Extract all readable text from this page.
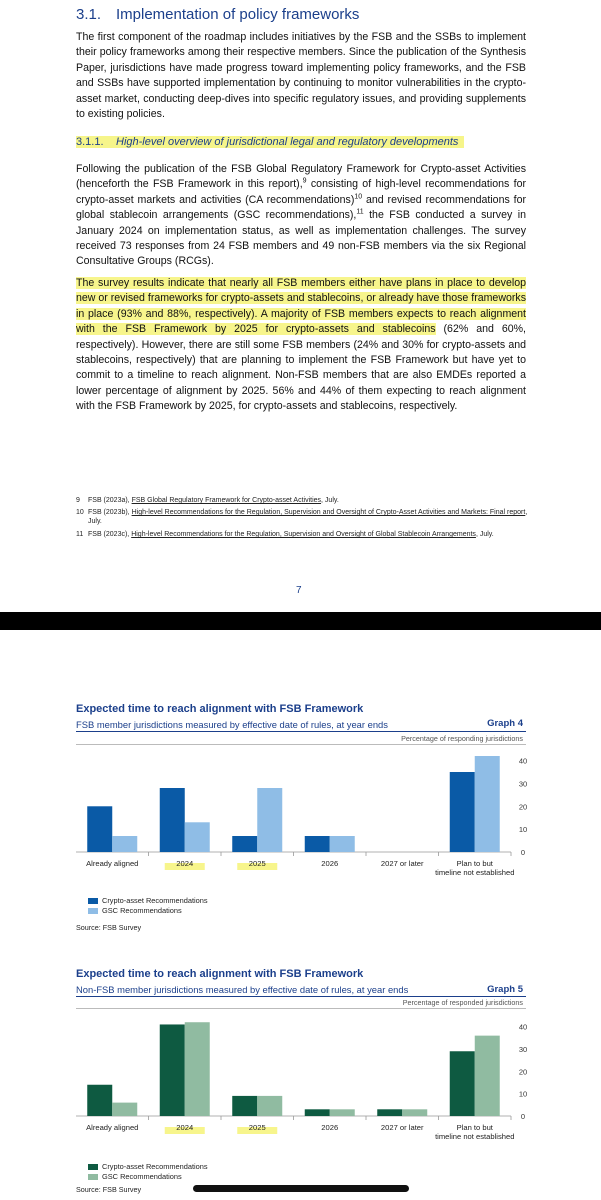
3.1. Implementation of policy frameworks
The first component of the roadmap includes initiatives by the FSB and the SSBs to implement their policy frameworks among their respective members. Since the publication of the Synthesis Paper, jurisdictions have made progress toward implementing policy frameworks, and the FSB and SSBs have supported implementation by continuing to monitor vulnerabilities in the crypto-asset market, conducting deep-dives into specific regulatory issues, and providing supplements to existing policies.
3.1.1. High-level overview of jurisdictional legal and regulatory developments
Following the publication of the FSB Global Regulatory Framework for Crypto-asset Activities (henceforth the FSB Framework in this report),$^9$ consisting of high-level recommendations for crypto-asset markets and activities (CA recommendations)$^{10}$ and revised recommendations for global stablecoin arrangements (GSC recommendations),$^{11}$ the FSB conducted a survey in January 2024 on implementation status, as well as implementation challenges. The survey received 73 responses from 24 FSB members and 49 non-FSB members via the six Regional Consultative Groups (RCGs).
The survey results indicate that nearly all FSB members either have plans in place to develop new or revised frameworks for crypto-assets and stablecoins, or already have those frameworks in place (93% and 88%, respectively). A majority of FSB members expects to reach alignment with the FSB Framework by 2025 for crypto-assets and stablecoins (62% and 60%, respectively). However, there are still some FSB members (24% and 30% for crypto-assets and stablecoins, respectively) that are planning to implement the FSB Framework but have yet to commit to a timeline to reach alignment. Non-FSB members that are also EMDEs reported a lower percentage of alignment by 2025. 56% and 44% of them expecting to reach alignment with the FSB Framework by 2025, for crypto-assets and stablecoins, respectively.
9 FSB (2023a), FSB Global Regulatory Framework for Crypto-asset Activities, July.
10 FSB (2023b), High-level Recommendations for the Regulation, Supervision and Oversight of Crypto-Asset Activities and Markets: Final report, July.
11 FSB (2023c), High-level Recommendations for the Regulation, Supervision and Oversight of Global Stablecoin Arrangements, July.
7
Expected time to reach alignment with FSB Framework
FSB member jurisdictions measured by effective date of rules, at year ends	Graph 4
Percentage of responding jurisdictions
0
10
20
30
40
Already aligned	2024	2025	2026	2027 or later	Plan to but
timeline not established
Crypto-asset Recommendations
GSC Recommendations
Source: FSB Survey
Expected time to reach alignment with FSB Framework
Non-FSB member jurisdictions measured by effective date of rules, at year ends	Graph 5
Percentage of responded jurisdictions
0
10
20
30
40
Already aligned	2024	2025	2026	2027 or later	Plan to but
timeline not established
Crypto-asset Recommendations
GSC Recommendations
Source: FSB Survey
